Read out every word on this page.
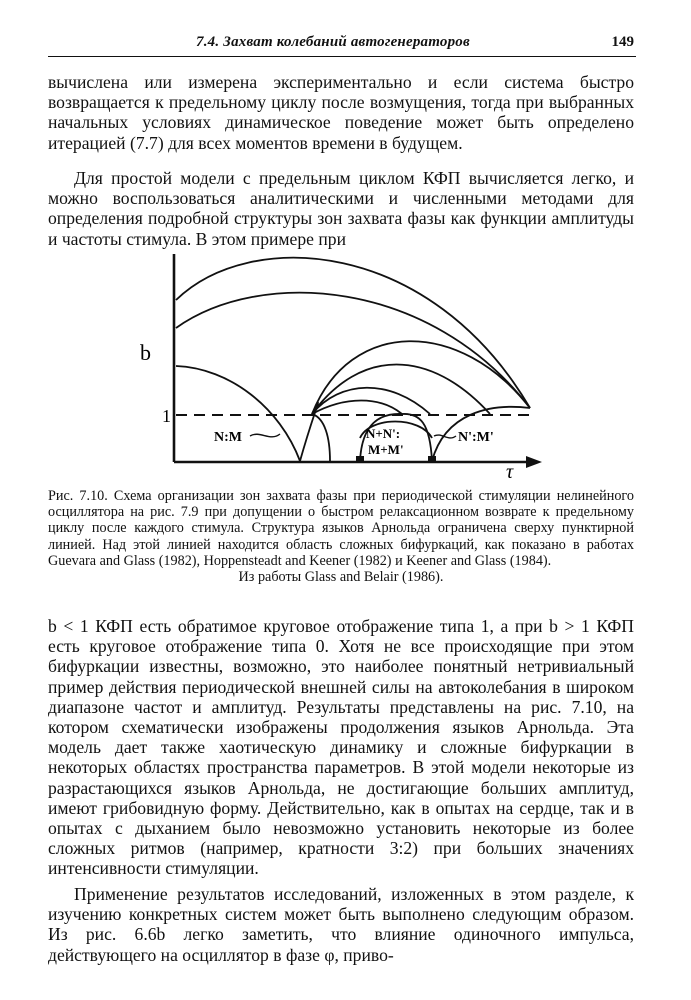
7.4. Захват колебаний автогенераторов	149

вычислена или измерена экспериментально и если система быстро возвращается к предельному циклу после возмущения, тогда при выбранных начальных условиях динамическое поведение может быть определено итерацией (7.7) для всех моментов времени в будущем.

Для простой модели с предельным циклом КФП вычисляется легко, и можно воспользоваться аналитическими и численными методами для определения подробной структуры зон захвата фазы как функции амплитуды и частоты стимула. В этом примере при

b
1
τ
N:M	N+N':
M+M'
N':M'

Рис. 7.10. Схема организации зон захвата фазы при периодической стимуляции нелинейного осциллятора на рис. 7.9 при допущении о быстром релаксационном возврате к предельному циклу после каждого стимула. Структура языков Арнольда ограничена сверху пунктирной линией. Над этой линией находится область сложных бифуркаций, как показано в работах Guevara and Glass (1982), Hoppensteadt and Keener (1982) и Keener and Glass (1984).
Из работы Glass and Belair (1986).

b < 1 КФП есть обратимое круговое отображение типа 1, а при b > 1 КФП есть круговое отображение типа 0. Хотя не все происходящие при этом бифуркации известны, возможно, это наиболее понятный нетривиальный пример действия периодической внешней силы на автоколебания в широком диапазоне частот и амплитуд. Результаты представлены на рис. 7.10, на котором схематически изображены продолжения языков Арнольда. Эта модель дает также хаотическую динамику и сложные бифуркации в некоторых областях пространства параметров. В этой модели некоторые из разрастающихся языков Арнольда, не достигающие больших амплитуд, имеют грибовидную форму. Действительно, как в опытах на сердце, так и в опытах с дыханием было невозможно установить некоторые из более сложных ритмов (например, кратности 3:2) при больших значениях интенсивности стимуляции.

Применение результатов исследований, изложенных в этом разделе, к изучению конкретных систем может быть выполнено следующим образом. Из рис. 6.6b легко заметить, что влияние одиночного импульса, действующего на осциллятор в фазе φ, приво-
